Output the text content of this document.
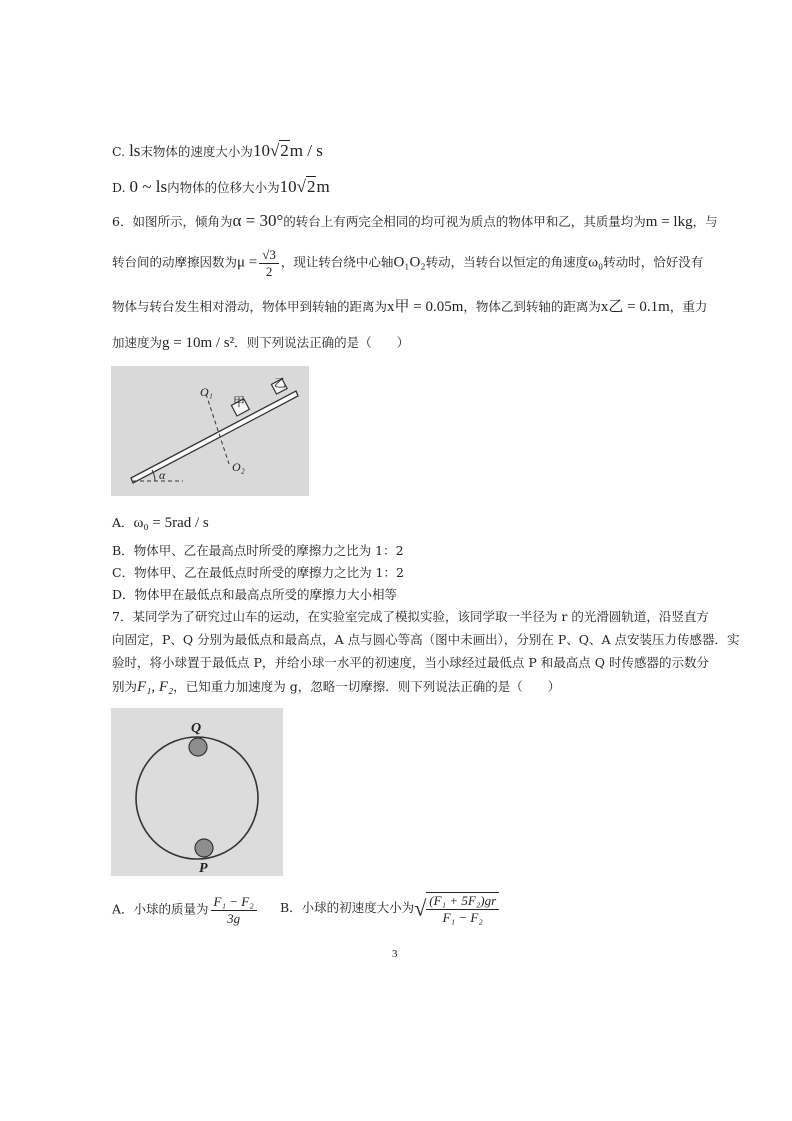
C. ls末物体的速度大小为10√2m / s
D. 0 ~ ls内物体的位移大小为10√2m
6．如图所示，倾角为α = 30°的转台上有两完全相同的均可视为质点的物体甲和乙，其质量均为m = lkg，与
转台间的动摩擦因数为$\mu = \frac{√3}{2}$ ，现让转台绕中心轴O₁O₂转动，当转台以恒定的角速度ω₀转动时，恰好没有
物体与转台发生相对滑动，物体甲到转轴的距离为x甲 = 0.05m，物体乙到转轴的距离为x乙 = 0.1m，重力
加速度为g = 10m / s²．则下列说法正确的是（　　）
O₁
O₂
甲
乙
α
A．ω₀ = 5rad / s
B．物体甲、乙在最高点时所受的摩擦力之比为 1：2
C．物体甲、乙在最低点时所受的摩擦力之比为 1：2
D．物体甲在最低点和最高点所受的摩擦力大小相等
7．某同学为了研究过山车的运动，在实验室完成了模拟实验，该同学取一半径为 r 的光滑圆轨道，沿竖直方
向固定，P、Q 分别为最低点和最高点，A 点与圆心等高（图中未画出），分别在 P、Q、A 点安装压力传感器．实
验时，将小球置于最低点 P，并给小球一水平的初速度，当小球经过最低点 P 和最高点 Q 时传感器的示数分
别为F₁, F₂，已知重力加速度为 g，忽略一切摩擦．则下列说法正确的是（　　）
Q
P
A．小球的质量为 $\frac{\text{F₁ − F₂}}{3g}$ B．小球的初速度大小为√ $\frac{\text{(F₁ + 5F₂)gr}}{\text{F₁ − F₂}}$
3
